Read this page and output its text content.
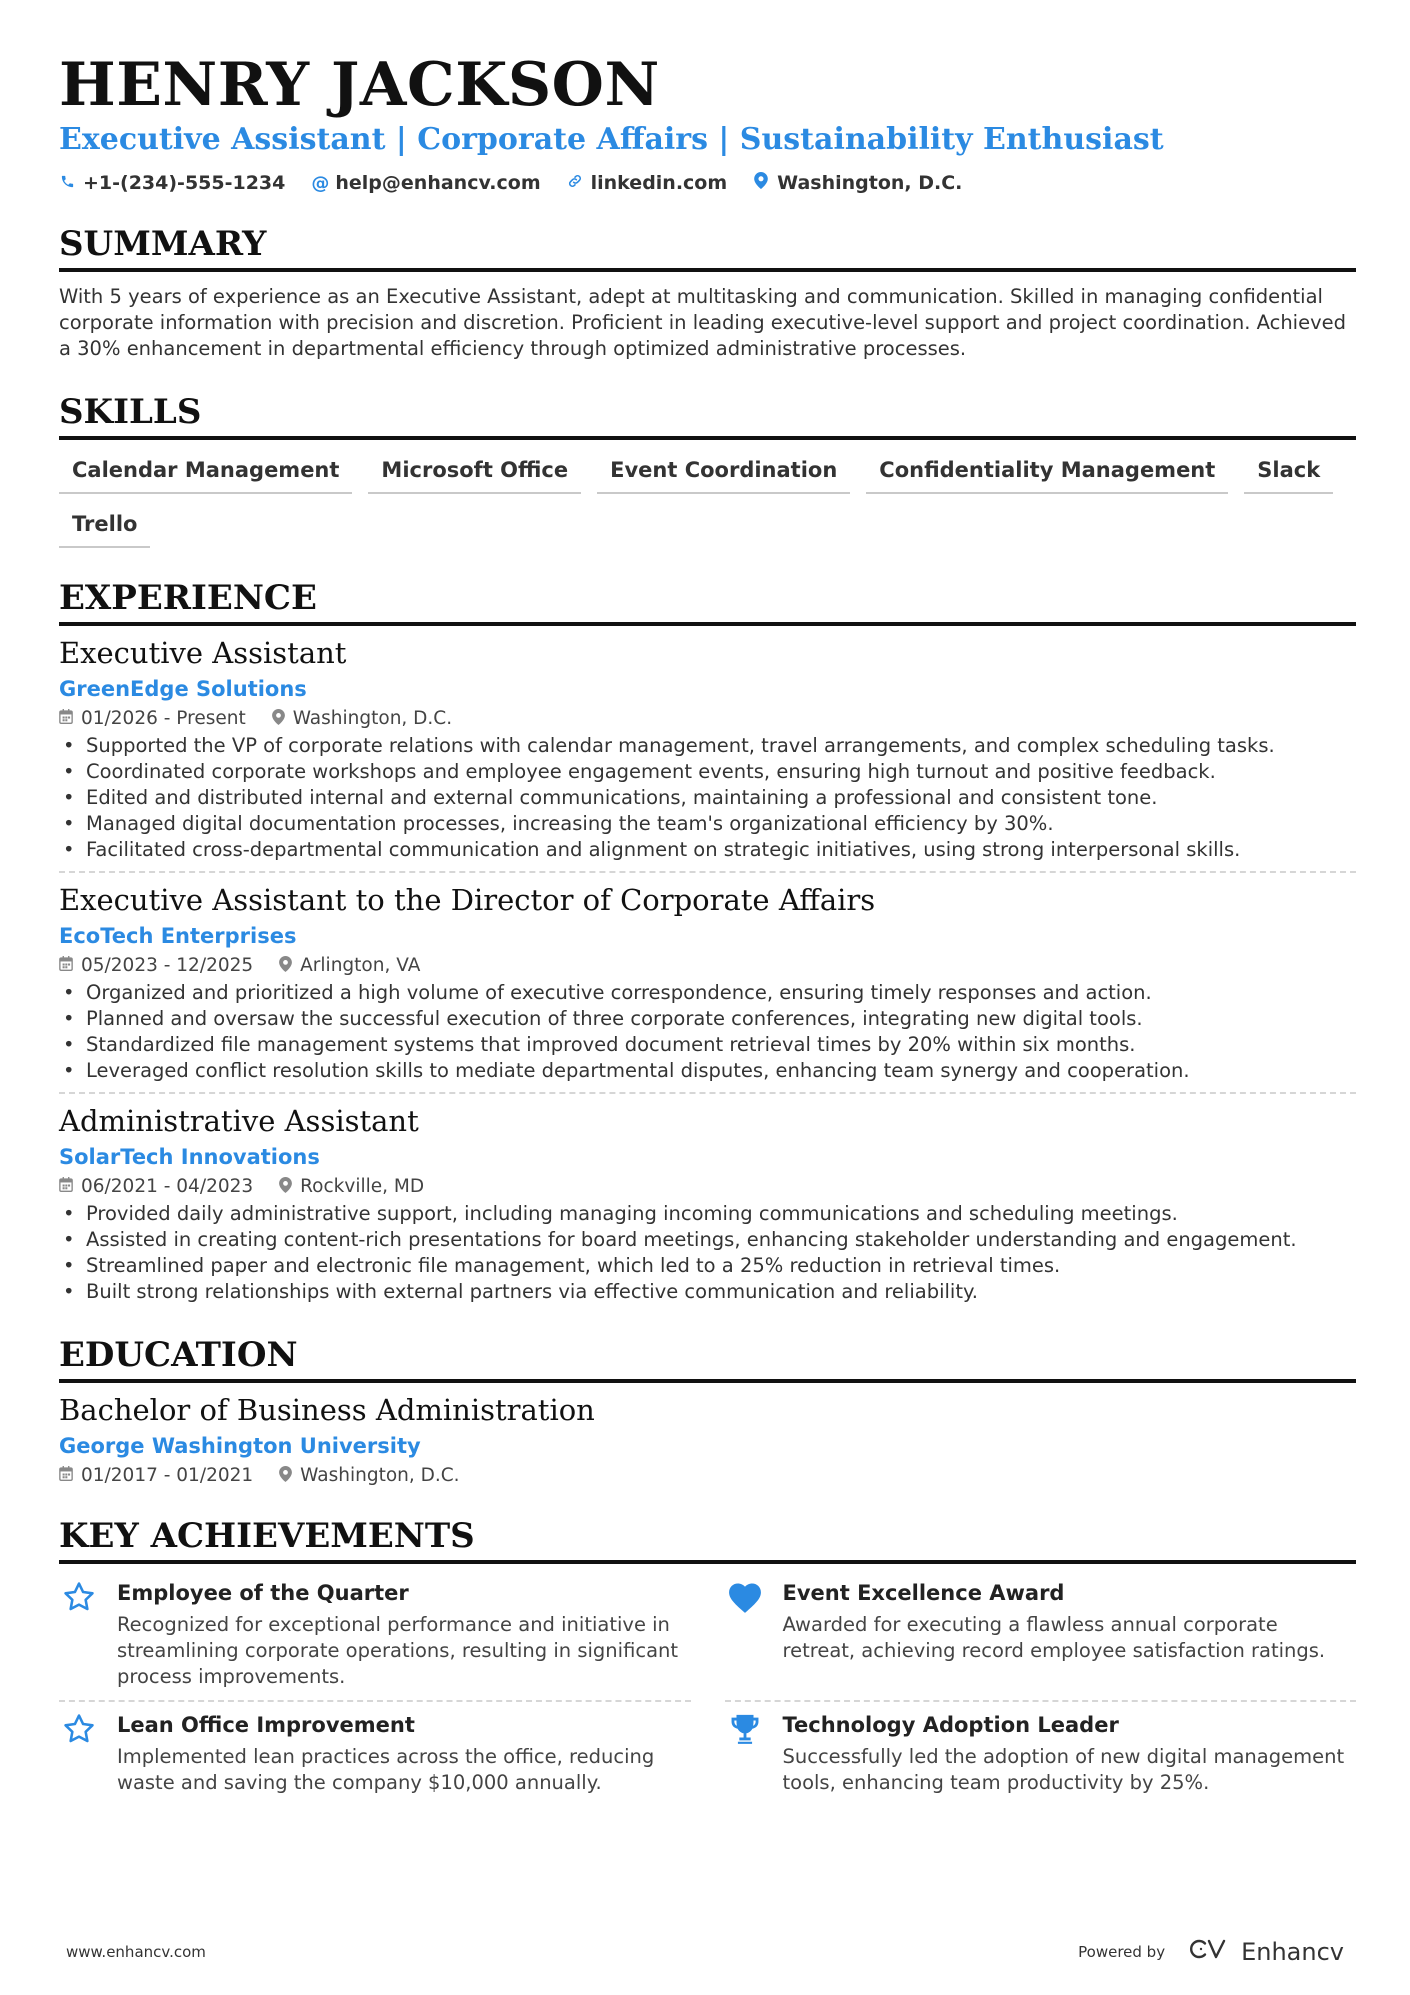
HENRY JACKSON
Executive Assistant | Corporate Affairs | Sustainability Enthusiast
+1-(234)-555-1234 @ help@enhancv.com	linkedin.com	Washington, D.C.
SUMMARY
With 5 years of experience as an Executive Assistant, adept at multitasking and communication. Skilled in managing confidential corporate information with precision and discretion. Proficient in leading executive-level support and project coordination. Achieved a 30% enhancement in departmental efficiency through optimized administrative processes.
SKILLS
Calendar Management	Microsoft Office	Event Coordination	Confidentiality Management	Slack
Trello
EXPERIENCE
Executive Assistant
GreenEdge Solutions
01/2026 - Present	Washington, D.C.
• Supported the VP of corporate relations with calendar management, travel arrangements, and complex scheduling tasks.
• Coordinated corporate workshops and employee engagement events, ensuring high turnout and positive feedback.
• Edited and distributed internal and external communications, maintaining a professional and consistent tone.
• Managed digital documentation processes, increasing the team's organizational efficiency by 30%.
• Facilitated cross-departmental communication and alignment on strategic initiatives, using strong interpersonal skills.
Executive Assistant to the Director of Corporate Affairs
EcoTech Enterprises
05/2023 - 12/2025	Arlington, VA
• Organized and prioritized a high volume of executive correspondence, ensuring timely responses and action.
• Planned and oversaw the successful execution of three corporate conferences, integrating new digital tools.
• Standardized file management systems that improved document retrieval times by 20% within six months.
• Leveraged conflict resolution skills to mediate departmental disputes, enhancing team synergy and cooperation.
Administrative Assistant
SolarTech Innovations
06/2021 - 04/2023	Rockville, MD
• Provided daily administrative support, including managing incoming communications and scheduling meetings.
• Assisted in creating content-rich presentations for board meetings, enhancing stakeholder understanding and engagement.
• Streamlined paper and electronic file management, which led to a 25% reduction in retrieval times.
• Built strong relationships with external partners via effective communication and reliability.
EDUCATION
Bachelor of Business Administration
George Washington University
01/2017 - 01/2021	Washington, D.C.
KEY ACHIEVEMENTS
Employee of the Quarter
Recognized for exceptional performance and initiative in streamlining corporate operations, resulting in significant process improvements.
Event Excellence Award
Awarded for executing a flawless annual corporate retreat, achieving record employee satisfaction ratings.
Lean Office Improvement
Implemented lean practices across the office, reducing waste and saving the company $10,000 annually.
Technology Adoption Leader
Successfully led the adoption of new digital management tools, enhancing team productivity by 25%.
www.enhancv.com	Powered by	Enhancv
